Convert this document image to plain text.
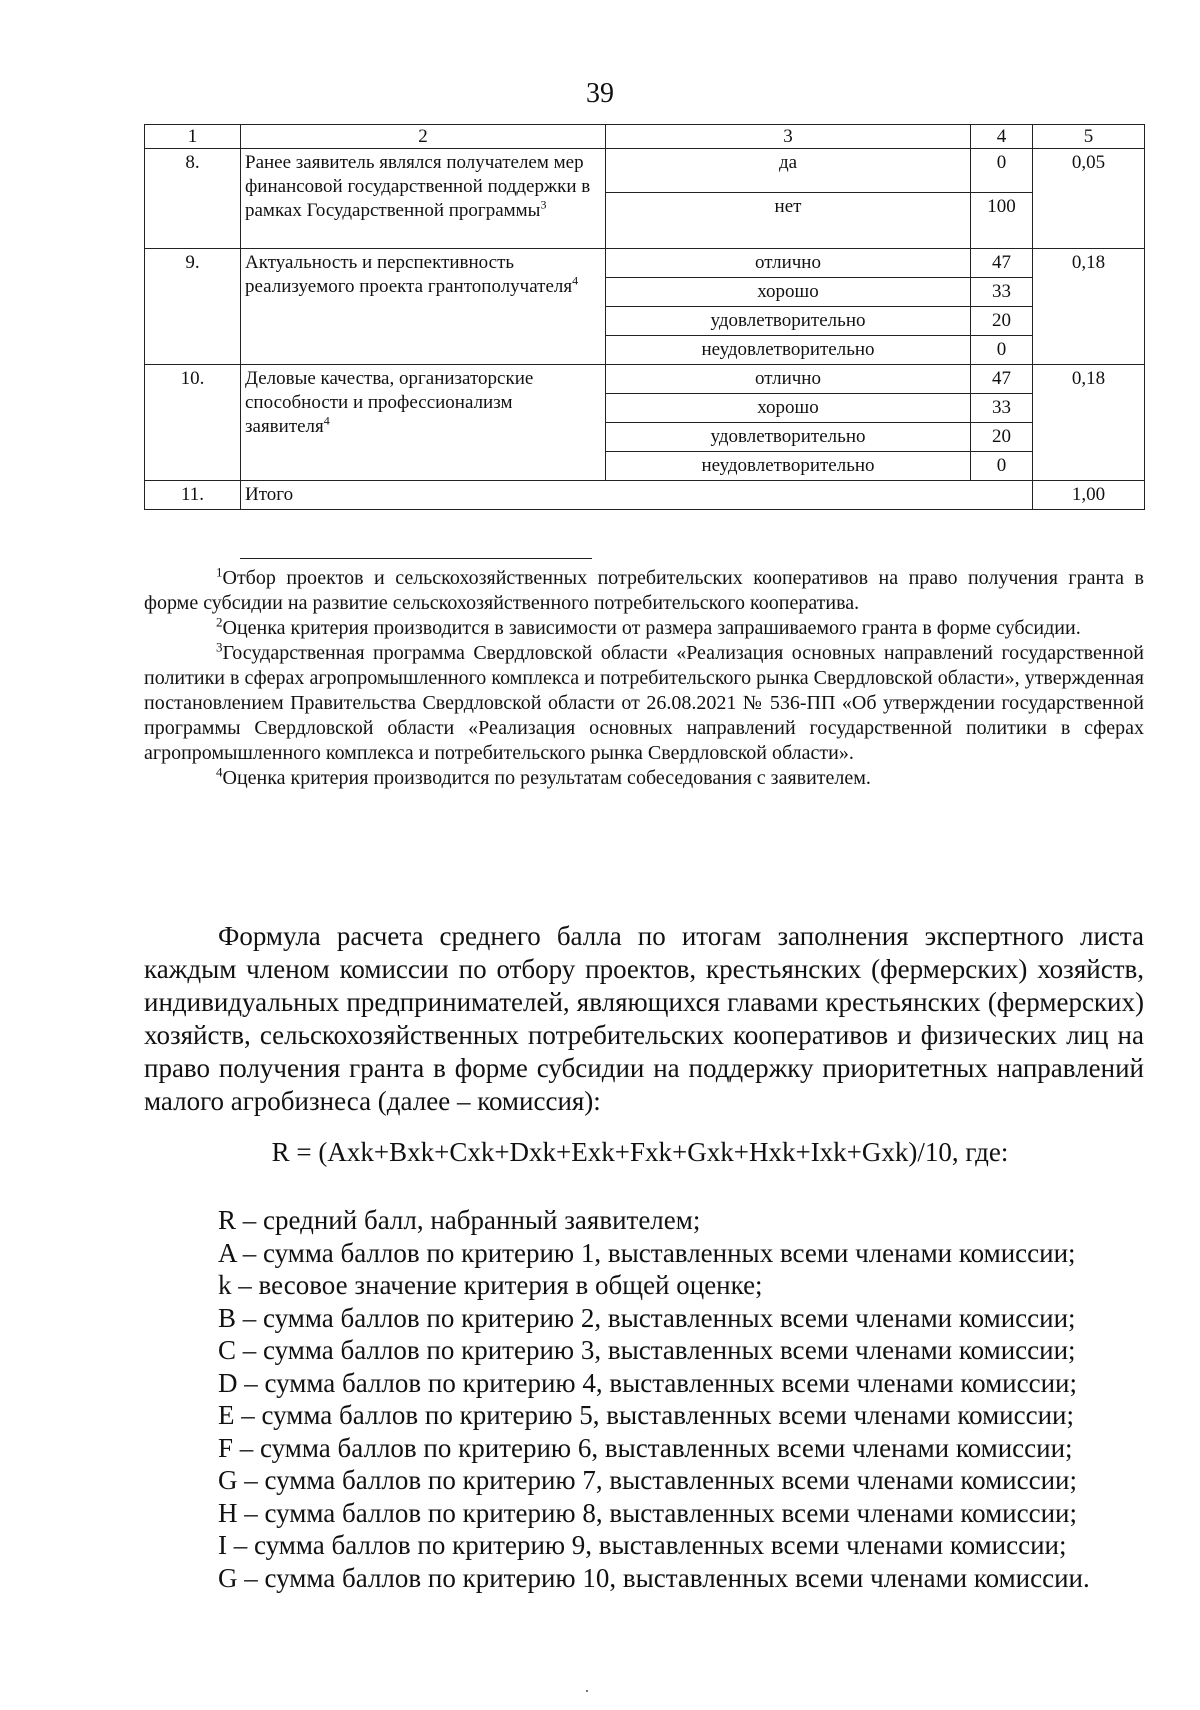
39
1	2	3	4	5
8.	Ранее заявитель являлся получателем мер финансовой государственной поддержки в рамках Государственной программы$^3$	да	0	0,05
		нет	100	
9.	Актуальность и перспективность реализуемого проекта грантополучателя$^4$	отлично	47	0,18
		хорошо	33	
		удовлетворительно	20	
		неудовлетворительно	0	
10.	Деловые качества, организаторские способности и профессионализм заявителя$^4$	отлично	47	0,18
		хорошо	33	
		удовлетворительно	20	
		неудовлетворительно	0	
11.	Итого			1,00

$^1$Отбор проектов и сельскохозяйственных потребительских кооперативов на право получения гранта в форме субсидии на развитие сельскохозяйственного потребительского кооператива.

$^2$Оценка критерия производится в зависимости от размера запрашиваемого гранта в форме субсидии.

$^3$Государственная программа Свердловской области «Реализация основных направлений государственной политики в сферах агропромышленного комплекса и потребительского рынка Свердловской области», утвержденная постановлением Правительства Свердловской области от 26.08.2021 № 536-ПП «Об утверждении государственной программы Свердловской области «Реализация основных направлений государственной политики в сферах агропромышленного комплекса и потребительского рынка Свердловской области».

$^4$Оценка критерия производится по результатам собеседования с заявителем.

Формула расчета среднего балла по итогам заполнения экспертного листа каждым членом комиссии по отбору проектов, крестьянских (фермерских) хозяйств, индивидуальных предпринимателей, являющихся главами крестьянских (фермерских) хозяйств, сельскохозяйственных потребительских кооперативов и физических лиц на право получения гранта в форме субсидии на поддержку приоритетных направлений малого агробизнеса (далее – комиссия):

R = (Axk+Bxk+Cxk+Dxk+Exk+Fxk+Gxk+Hxk+Ixk+Gxk)/10, где:
R – средний балл, набранный заявителем;
A – сумма баллов по критерию 1, выставленных всеми членами комиссии;
k – весовое значение критерия в общей оценке;
B – сумма баллов по критерию 2, выставленных всеми членами комиссии;
C – сумма баллов по критерию 3, выставленных всеми членами комиссии;
D – сумма баллов по критерию 4, выставленных всеми членами комиссии;
E – сумма баллов по критерию 5, выставленных всеми членами комиссии;
F – сумма баллов по критерию 6, выставленных всеми членами комиссии;
G – сумма баллов по критерию 7, выставленных всеми членами комиссии;
H – сумма баллов по критерию 8, выставленных всеми членами комиссии;
I – сумма баллов по критерию 9, выставленных всеми членами комиссии;
G – сумма баллов по критерию 10, выставленных всеми членами комиссии.
